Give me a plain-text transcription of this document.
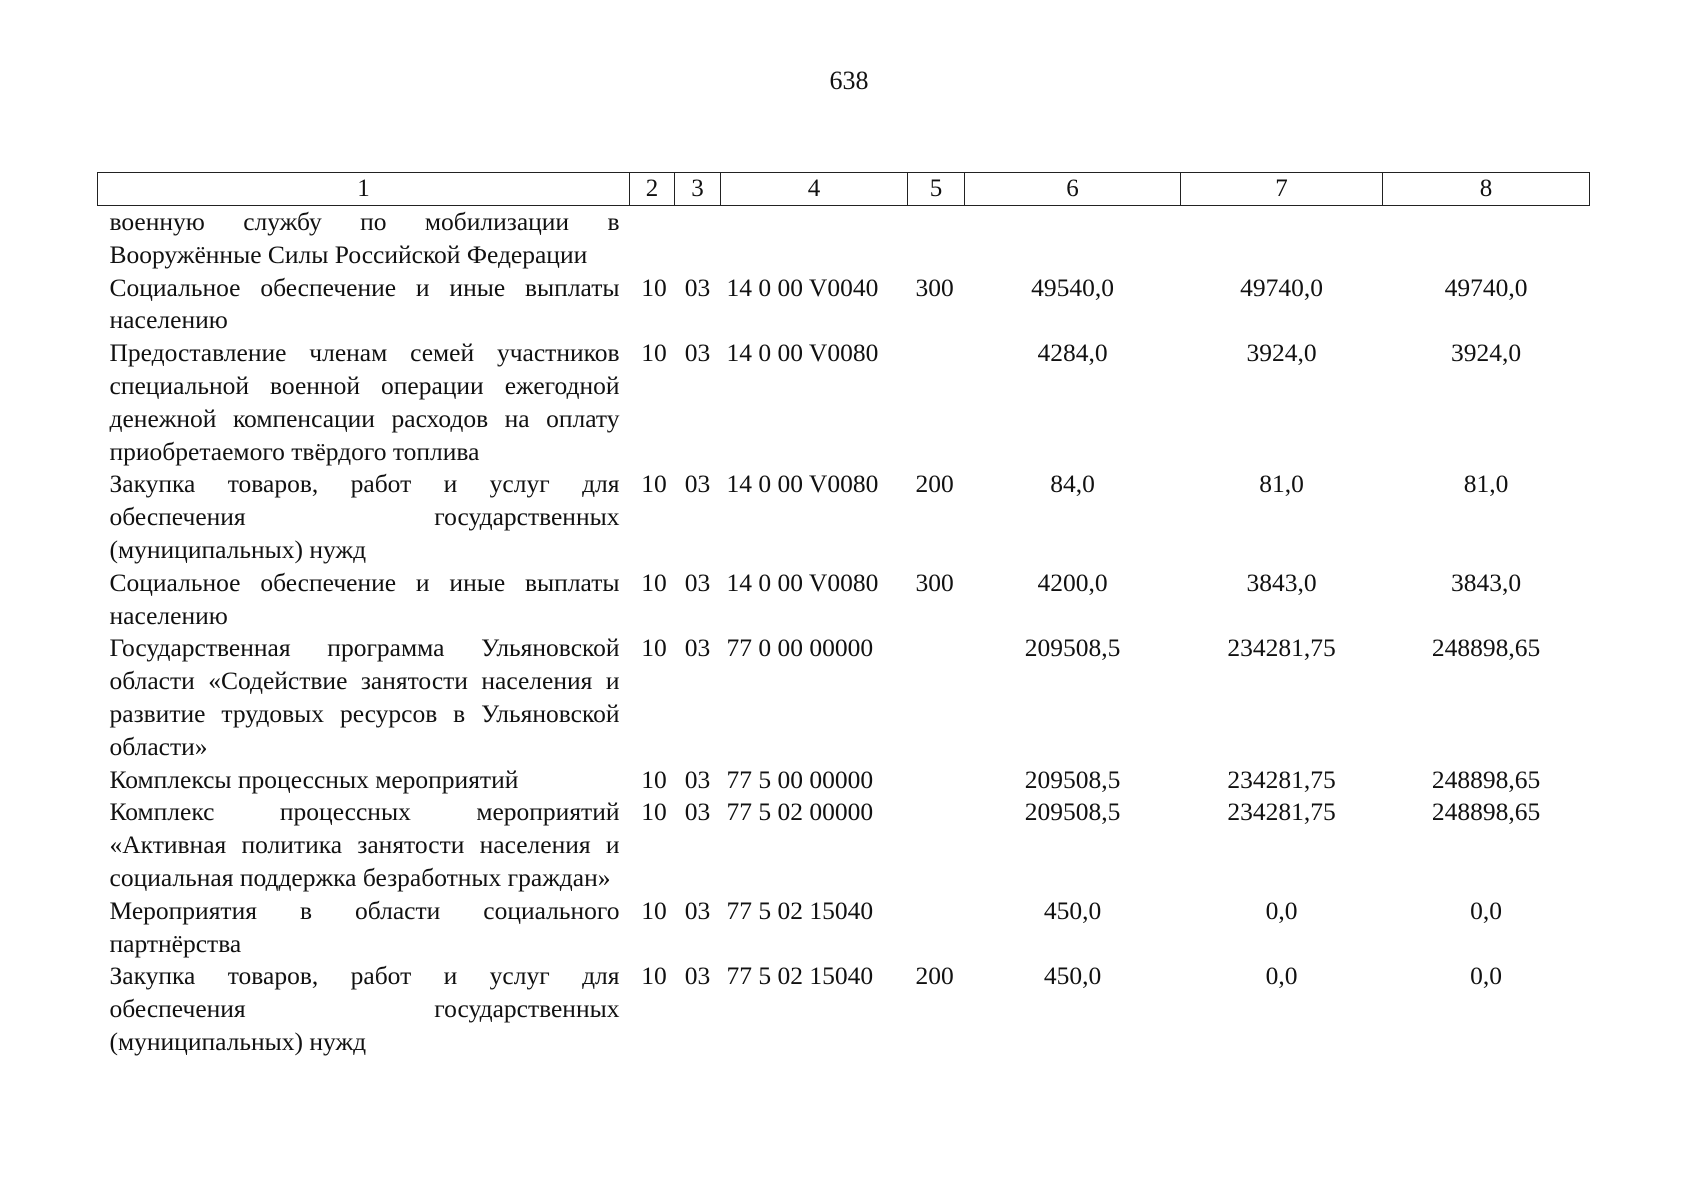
638
1	2	3	4	5	6	7	8
военную службу по мобилизации в Вооружённые Силы Российской Федерации							
Социальное обеспечение и иные выплаты населению	10	03	14 0 00 V0040	300	49540,0	49740,0	49740,0
Предоставление членам семей участников специальной военной операции ежегодной денежной компенсации расходов на оплату приобретаемого твёрдого топлива	10	03	14 0 00 V0080		4284,0	3924,0	3924,0
Закупка товаров, работ и услуг для обеспечения государственных (муниципальных) нужд	10	03	14 0 00 V0080	200	84,0	81,0	81,0
Социальное обеспечение и иные выплаты населению	10	03	14 0 00 V0080	300	4200,0	3843,0	3843,0
Государственная программа Ульяновской области «Содействие занятости населения и развитие трудовых ресурсов в Ульяновской области»	10	03	77 0 00 00000		209508,5	234281,75	248898,65
Комплексы процессных мероприятий	10	03	77 5 00 00000		209508,5	234281,75	248898,65
Комплекс процессных мероприятий «Активная политика занятости населения и социальная поддержка безработных граждан»	10	03	77 5 02 00000		209508,5	234281,75	248898,65
Мероприятия в области социального партнёрства	10	03	77 5 02 15040		450,0	0,0	0,0
Закупка товаров, работ и услуг для обеспечения государственных (муниципальных) нужд	10	03	77 5 02 15040	200	450,0	0,0	0,0
